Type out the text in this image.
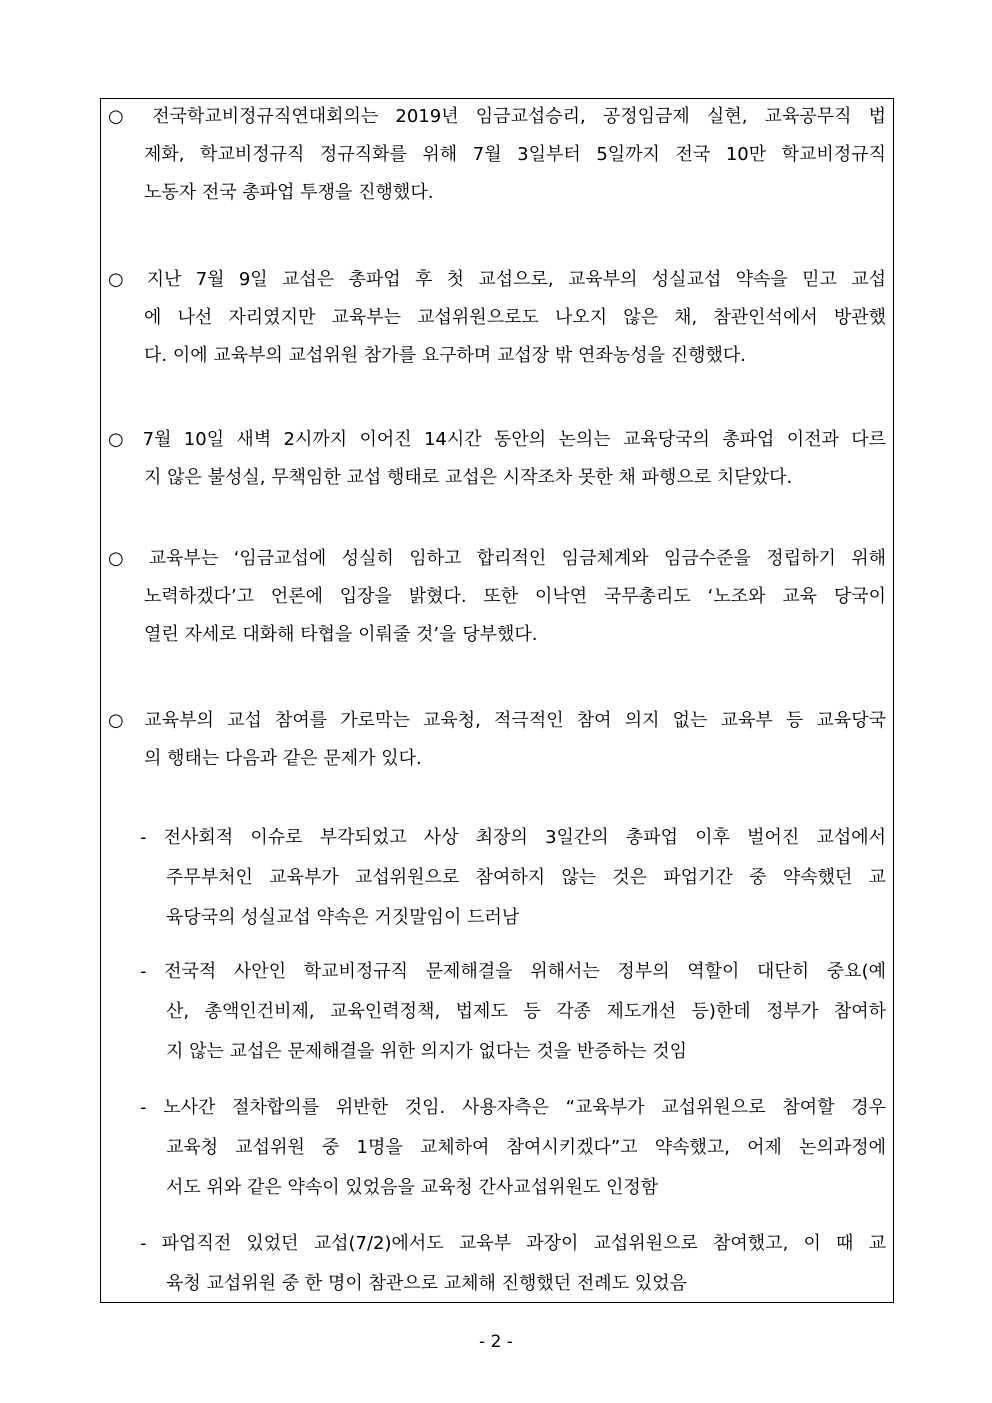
○ 전국학교비정규직연대회의는 2019년 임금교섭승리, 공정임금제 실현, 교육공무직 법
제화, 학교비정규직 정규직화를 위해 7월 3일부터 5일까지 전국 10만 학교비정규직
노동자 전국 총파업 투쟁을 진행했다.
○ 지난 7월 9일 교섭은 총파업 후 첫 교섭으로, 교육부의 성실교섭 약속을 믿고 교섭
에 나선 자리였지만 교육부는 교섭위원으로도 나오지 않은 채, 참관인석에서 방관했
다. 이에 교육부의 교섭위원 참가를 요구하며 교섭장 밖 연좌농성을 진행했다.
○ 7월 10일 새벽 2시까지 이어진 14시간 동안의 논의는 교육당국의 총파업 이전과 다르
지 않은 불성실, 무책임한 교섭 행태로 교섭은 시작조차 못한 채 파행으로 치닫았다.
○ 교육부는 ‘임금교섭에 성실히 임하고 합리적인 임금체계와 임금수준을 정립하기 위해
노력하겠다’고 언론에 입장을 밝혔다. 또한 이낙연 국무총리도 ‘노조와 교육 당국이
열린 자세로 대화해 타협을 이뤄줄 것’을 당부했다.
○ 교육부의 교섭 참여를 가로막는 교육청, 적극적인 참여 의지 없는 교육부 등 교육당국
의 행태는 다음과 같은 문제가 있다.
- 전사회적 이슈로 부각되었고 사상 최장의 3일간의 총파업 이후 벌어진 교섭에서
주무부처인 교육부가 교섭위원으로 참여하지 않는 것은 파업기간 중 약속했던 교
육당국의 성실교섭 약속은 거짓말임이 드러남
- 전국적 사안인 학교비정규직 문제해결을 위해서는 정부의 역할이 대단히 중요(예
산, 총액인건비제, 교육인력정책, 법제도 등 각종 제도개선 등)한데 정부가 참여하
지 않는 교섭은 문제해결을 위한 의지가 없다는 것을 반증하는 것임
- 노사간 절차합의를 위반한 것임. 사용자측은 “교육부가 교섭위원으로 참여할 경우
교육청 교섭위원 중 1명을 교체하여 참여시키겠다”고 약속했고, 어제 논의과정에
서도 위와 같은 약속이 있었음을 교육청 간사교섭위원도 인정함
- 파업직전 있었던 교섭(7/2)에서도 교육부 과장이 교섭위원으로 참여했고, 이 때 교
육청 교섭위원 중 한 명이 참관으로 교체해 진행했던 전례도 있었음
- 2 -
